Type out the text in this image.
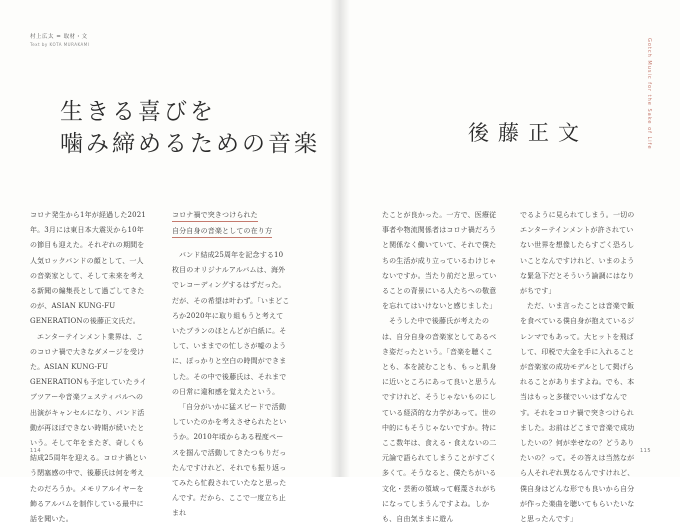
村上広太 = 取材・文
Text by KOTA MURAKAMI
生きる喜びを
噛み締めるための音楽	後藤正文	Gotch Music for the Sake of Life

コロナ発生から1年が経過した2021年。3月には東日本大震災から10年の節目も迎えた。それぞれの期間を人気ロックバンドの顔として、一人の音楽家として、そして未来を考える新聞の編集長として過ごしてきたのが、ASIAN KUNG-FU GENERATIONの後藤正文氏だ。

エンターテインメント業界は、このコロナ禍で大きなダメージを受けた。ASIAN KUNG-FU GENERATIONも予定していたライブツアーや音楽フェスティバルへの出演がキャンセルになり、バンド活動が再ほぼできない時期が続いたという。そして年をまたぎ、奇しくも結成25周年を迎える。コロナ禍という閉塞感の中で、後藤氏は何を考えたのだろうか。メモリアルイヤーを飾るアルバムを制作している最中に話を聞いた。

コロナ禍で突きつけられた
自分自身の音楽としての在り方

バンド結成25周年を記念する10枚目のオリジナルアルバムは、海外でレコーディングするはずだった。だが、その希望は叶わず。「いまどころか2020年に取り組もうと考えていたプランのほとんどが白紙に。そして、いままでの忙しさが嘘のように、ぽっかりと空白の時間ができました。その中で後藤氏は、それまでの日常に違和感を覚えたという。

「自分がいかに猛スピードで活動していたのかを考えさせられたというか。2010年頃からある程度ペースを掴んで活動してきたつもりだったんですけれど、それでも振り返ってみたら忙殺されていたなと思ったんです。だから、ここで一度立ち止まれ

たことが良かった。一方で、医療従事者や物流関係者はコロナ禍だろうと関係なく働いていて、それで僕たちの生活が成り立っているわけじゃないですか。当たり前だと思っていることの背景にいる人たちへの敬意を忘れてはいけないと感じました」

そうした中で後藤氏が考えたのは、自分自身の音楽家としてあるべき姿だったという。「音楽を聴くことも、本を読むことも、もっと肌身に近いところにあって良いと思うんですけれど、そうじゃないものにしている経済的な力学があって。世の中的にもそうじゃないですか。特にここ数年は、食える・食えないの二元論で語られてしまうことがすごく多くて。そうなると、僕たちがいる文化・芸術の領域って軽蔑されがちになってしまうんですよね。しかも、自由気ままに遊ん

でるように見られてしまう。一切のエンターテインメントが許されていない世界を想像したらすごく恐ろしいことなんですけれど、いまのような緊急下だとそういう論調にはなりがちです」

ただ、いま言ったことは音楽で飯を食べている僕自身が抱えているジレンマでもあって。大ヒットを飛ばして、印税で大金を手に入れることが音楽家の成功モデルとして掲げられることがありますよね。でも、本当はもっと多様でいいはずなんです。それをコロナ禍で突きつけられました。お前はどこまで音楽で成功したいの？何が幸せなの？どうありたいの？って。その答えは当然ながら人それぞれ異なるんですけれど、僕自身はどんな形でも良いから自分が作った楽曲を聴いてもらいたいなと思ったんです」

114	115
